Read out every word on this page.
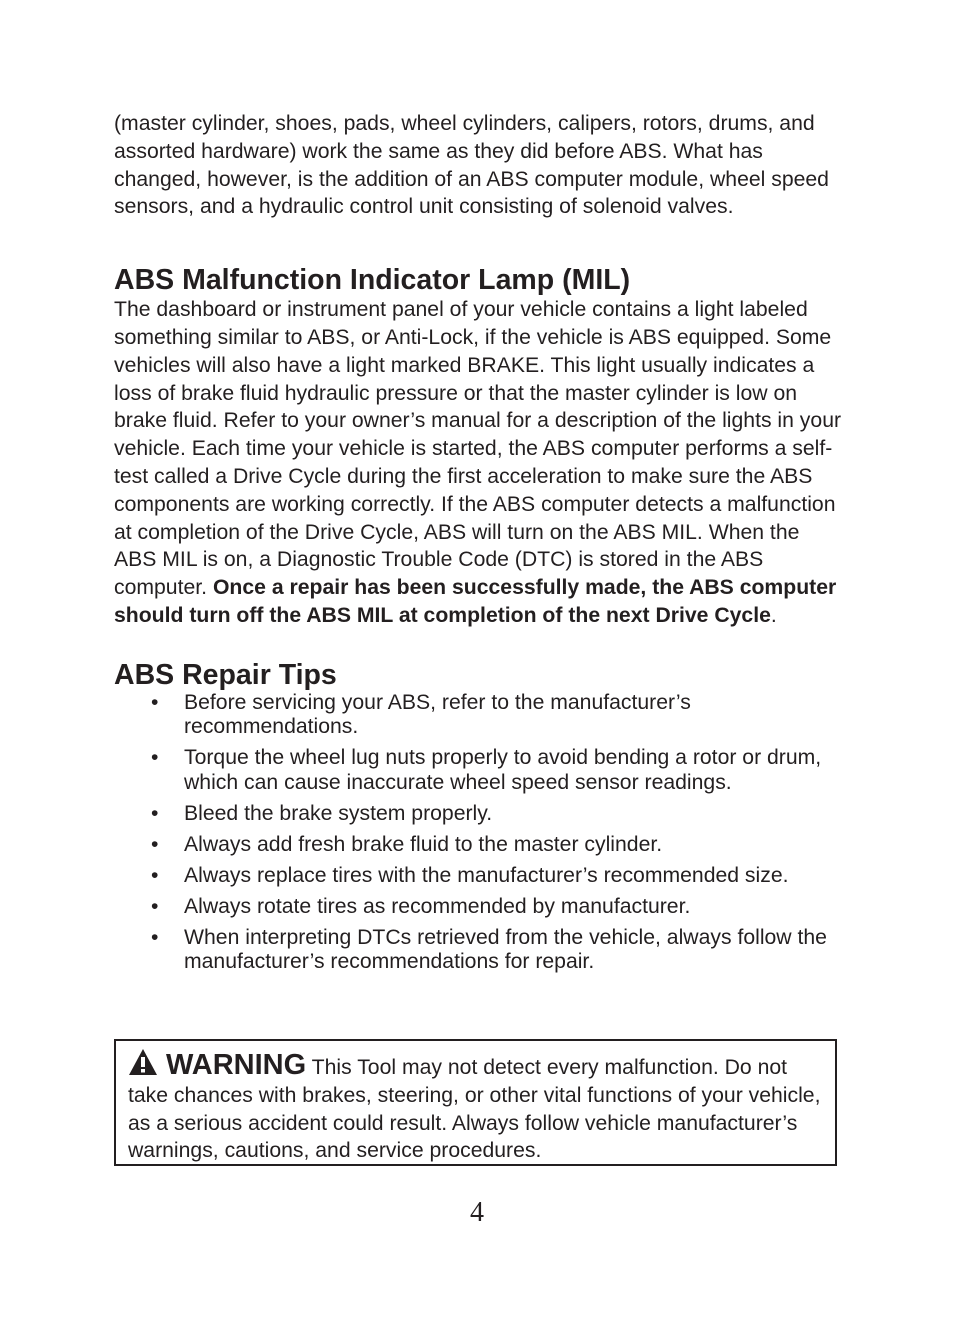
(master cylinder, shoes, pads, wheel cylinders, calipers, rotors, drums, and assorted hardware) work the same as they did before ABS. What has changed, however, is the addition of an ABS computer module, wheel speed sensors, and a hydraulic control unit consisting of solenoid valves.

ABS Malfunction Indicator Lamp (MIL)

The dashboard or instrument panel of your vehicle contains a light labeled something similar to ABS, or Anti-Lock, if the vehicle is ABS equipped. Some vehicles will also have a light marked BRAKE. This light usually indicates a loss of brake fluid hydraulic pressure or that the master cylinder is low on brake fluid. Refer to your owner’s manual for a description of the lights in your vehicle. Each time your vehicle is started, the ABS computer performs a self-test called a Drive Cycle during the first acceleration to make sure the ABS components are working correctly. If the ABS computer detects a malfunction at completion of the Drive Cycle, ABS will turn on the ABS MIL. When the ABS MIL is on, a Diagnostic Trouble Code (DTC) is stored in the ABS computer. Once a repair has been successfully made, the ABS computer should turn off the ABS MIL at completion of the next Drive Cycle.

ABS Repair Tips
• Before servicing your ABS, refer to the manufacturer’s recommendations.
• Torque the wheel lug nuts properly to avoid bending a rotor or drum, which can cause inaccurate wheel speed sensor readings.
• Bleed the brake system properly.
• Always add fresh brake fluid to the master cylinder.
• Always replace tires with the manufacturer’s recommended size.
• Always rotate tires as recommended by manufacturer.
• When interpreting DTCs retrieved from the vehicle, always follow the manufacturer’s recommendations for repair.
WARNING This Tool may not detect every malfunction. Do not take chances with brakes, steering, or other vital functions of your vehicle, as a serious accident could result. Always follow vehicle manufacturer’s warnings, cautions, and service procedures.
4
